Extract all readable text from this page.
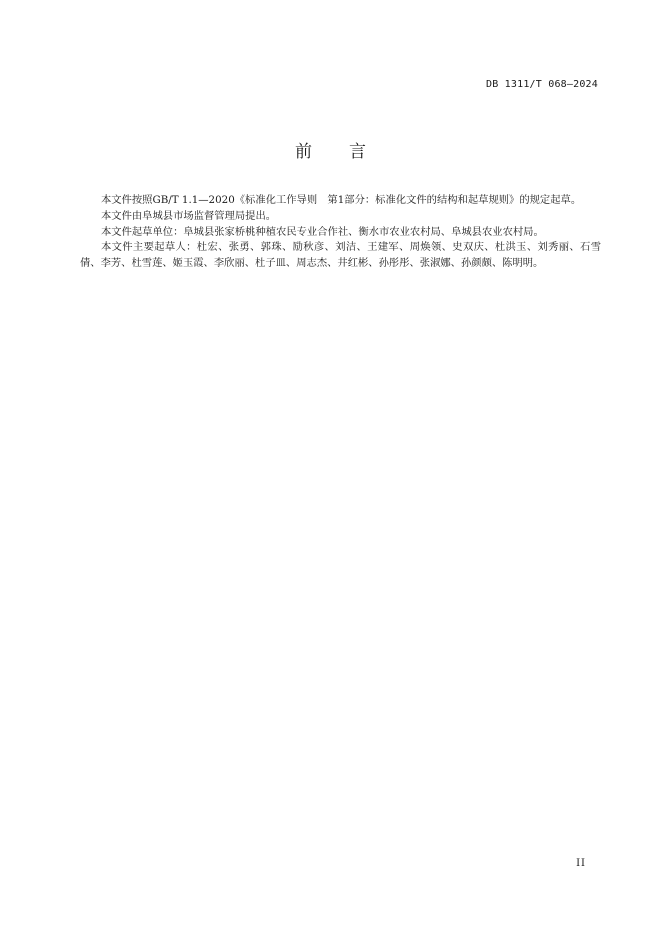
DB 1311/T 068—2024
前　　言

本文件按照GB/T 1.1—2020《标准化工作导则　第1部分：标准化文件的结构和起草规则》的规定起草。

本文件由阜城县市场监督管理局提出。

本文件起草单位：阜城县张家桥桃种植农民专业合作社、衡水市农业农村局、阜城县农业农村局。

本文件主要起草人：杜宏、张勇、郭珠、励秋彦、刘洁、王建军、周焕领、史双庆、杜洪玉、刘秀丽、石雪倩、李芳、杜雪莲、姬玉霞、李欣丽、杜子皿、周志杰、井红彬、孙彤彤、张淑娜、孙颜颇、陈明明。

II
